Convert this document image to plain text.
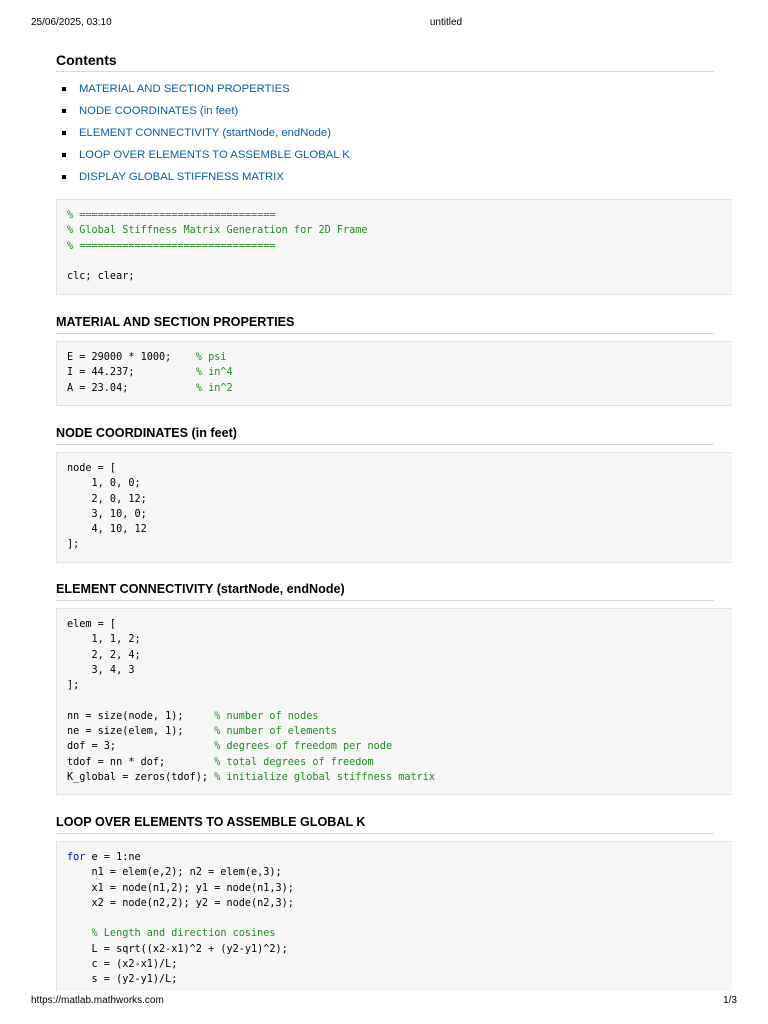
25/06/2025, 03:10	untitled
https://matlab.mathworks.com	1/3
Contents
MATERIAL AND SECTION PROPERTIES
NODE COORDINATES (in feet)
ELEMENT CONNECTIVITY (startNode, endNode)
LOOP OVER ELEMENTS TO ASSEMBLE GLOBAL K
DISPLAY GLOBAL STIFFNESS MATRIX
% ================================
% Global Stiffness Matrix Generation for 2D Frame
% ================================
clc; clear;
MATERIAL AND SECTION PROPERTIES
E = 29000 * 1000;    % psi
I = 44.237;          % in^4
A = 23.04;           % in^2
NODE COORDINATES (in feet)
node = [
1, 0, 0;
2, 0, 12;
3, 10, 0;
4, 10, 12
];
ELEMENT CONNECTIVITY (startNode, endNode)
elem = [
1, 1, 2;
2, 2, 4;
3, 4, 3
];
nn = size(node, 1);     % number of nodes
ne = size(elem, 1);     % number of elements
dof = 3;                % degrees of freedom per node
tdof = nn * dof;        % total degrees of freedom
K_global = zeros(tdof); % initialize global stiffness matrix
LOOP OVER ELEMENTS TO ASSEMBLE GLOBAL K
for e = 1:ne
n1 = elem(e,2); n2 = elem(e,3);
x1 = node(n1,2); y1 = node(n1,3);
x2 = node(n2,2); y2 = node(n2,3);
% Length and direction cosines
L = sqrt((x2-x1)^2 + (y2-y1)^2);
c = (x2-x1)/L;
s = (y2-y1)/L;
